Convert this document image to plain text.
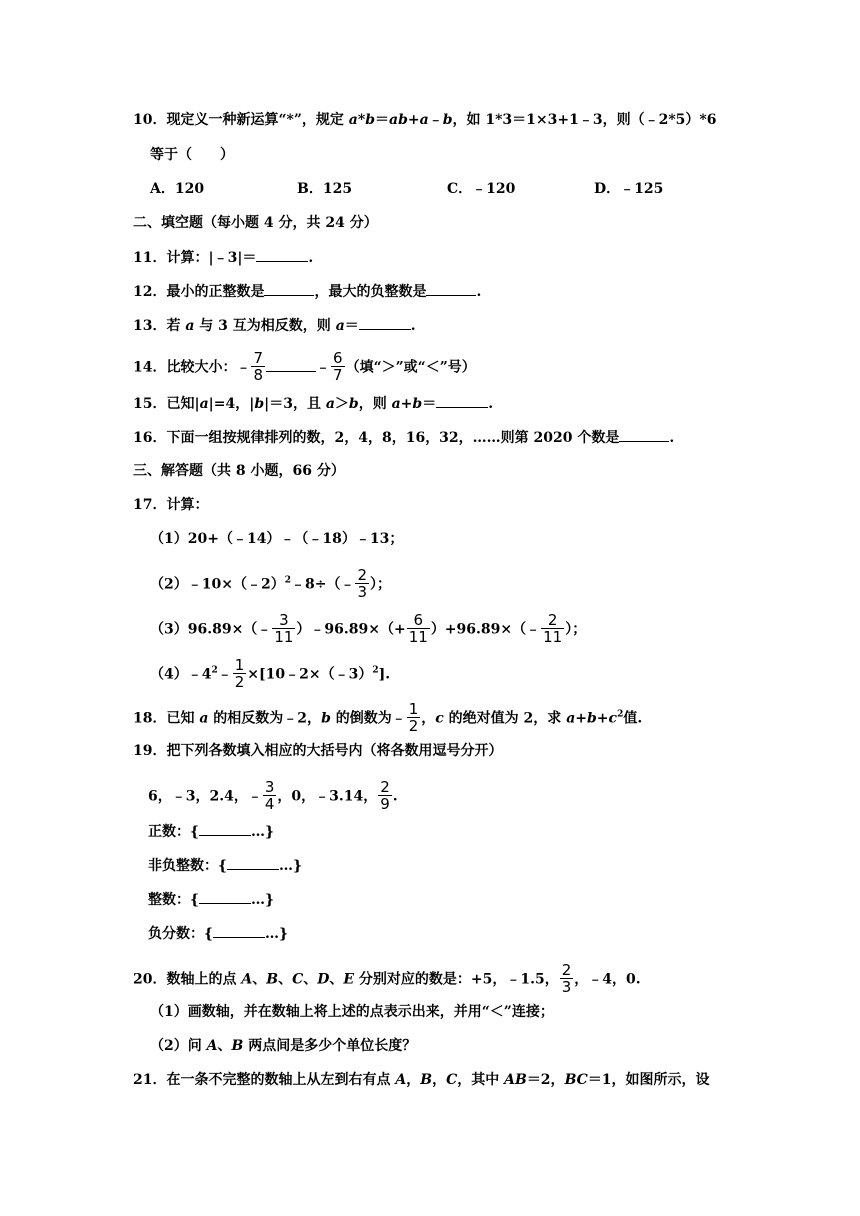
10．现定义一种新运算“*”，规定 a*b＝ab+a﹣b，如 1*3＝1×3+1﹣3，则（﹣2*5）*6
等于（　　）
A．120	B．125	C．﹣120	D．﹣125
二、填空题（每小题 4 分，共 24 分）
11．计算：|﹣3|＝	.
12．最小的正整数是	，最大的负整数是	.
13．若 a 与 3 互为相反数，则 a＝	.
14．比较大小：﹣ $\frac{7}{8}$	﹣ $\frac{6}{7}$ （填“＞”或“＜”号）
15．已知|a|=4，|b|＝3，且 a＞b，则 a+b＝	.
16．下面一组按规律排列的数，2，4，8，16，32，……则第 2020 个数是	.
三、解答题（共 8 小题，66 分）
17．计算：
（1）20+（﹣14）﹣（﹣18）﹣13；
（2）﹣10×（﹣2）$^2$﹣8÷（﹣ $\frac{2}{3}$ ）；
（3）96.89×（﹣ $\frac{3}{11}$ ）﹣96.89×（+ $\frac{6}{11}$ ）+96.89×（﹣ $\frac{2}{11}$ ）；
$(4)﹣4^2﹣ \frac{1}{2}$ ×[10﹣2×（﹣3）$^2$].
18．已知 a 的相反数为﹣2，b 的倒数为﹣ $\frac{1}{2}$ ，c 的绝对值为 2，求 $a+b+c^2$值.
19．把下列各数填入相应的大括号内（将各数用逗号分开）
6，﹣3，2.4，﹣ $\frac{3}{4}$ ，0，﹣3.14， $\frac{2}{9}$ .
正数：{	…}
非负整数：{	…}
整数：{	…}
负分数：{	…}
20．数轴上的点 A、B、C、D、E 分别对应的数是：+5，﹣1.5， $\frac{2}{3}$ ，﹣4，0.
（1）画数轴，并在数轴上将上述的点表示出来，并用“＜”连接；
（2）问 A、B 两点间是多少个单位长度？
21．在一条不完整的数轴上从左到右有点 A，B，C，其中 AB＝2，BC＝1，如图所示，设
